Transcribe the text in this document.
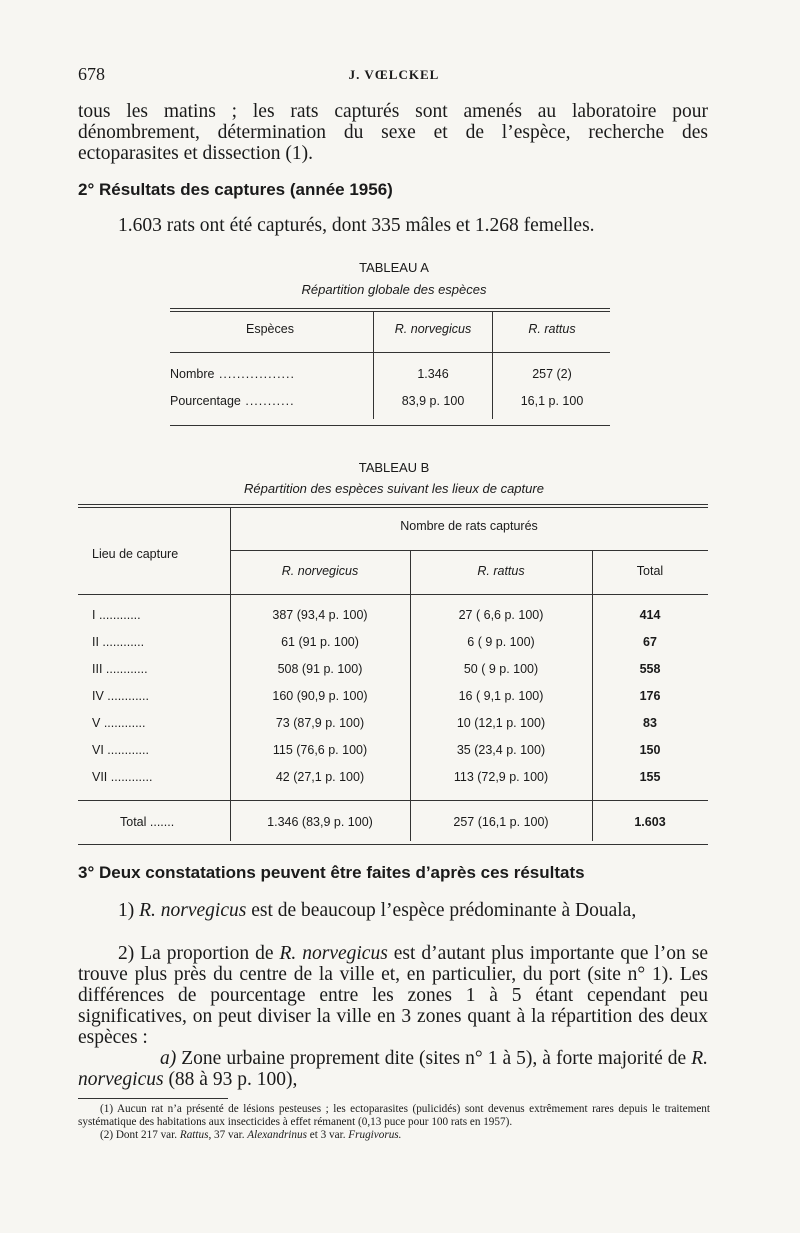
678	J. VŒLCKEL

tous les matins ; les rats capturés sont amenés au laboratoire pour dénombrement, détermination du sexe et de l’espèce, recherche des ectoparasites et dissection (1).

2° Résultats des captures (année 1956)
1.603 rats ont été capturés, dont 335 mâles et 1.268 femelles.
TABLEAU A
Répartition globale des espèces
Espèces	R. norvegicus	R. rattus
Nombre .....	1.346	257 (2)
Pourcentage .....	83,9 p. 100	16,1 p. 100
TABLEAU B
Répartition des espèces suivant les lieux de capture
Lieu de capture
Nombre de rats capturés
R. norvegicus	R. rattus	Total
I ............	387 (93,4 p. 100)	27 ( 6,6 p. 100)	414
II ............	61 (91 p. 100)	6 ( 9 p. 100)	67
III ............	508 (91 p. 100)	50 ( 9 p. 100)	558
IV ............	160 (90,9 p. 100)	16 ( 9,1 p. 100)	176
V ............	73 (87,9 p. 100)	10 (12,1 p. 100)	83
VI ............	115 (76,6 p. 100)	35 (23,4 p. 100)	150
VII ............	42 (27,1 p. 100)	113 (72,9 p. 100)	155
Total .......	1.346 (83,9 p. 100)	257 (16,1 p. 100)	1.603
3° Deux constatations peuvent être faites d’après ces résultats

1) R. norvegicus est de beaucoup l’espèce prédominante à Douala,

2) La proportion de R. norvegicus est d’autant plus importante que l’on se trouve plus près du centre de la ville et, en particulier, du port (site n° 1). Les différences de pourcentage entre les zones 1 à 5 étant cependant peu significatives, on peut diviser la ville en 3 zones quant à la répartition des deux espèces :

a) Zone urbaine proprement dite (sites n° 1 à 5), à forte majorité de R. norvegicus (88 à 93 p. 100),

(1) Aucun rat n’a présenté de lésions pesteuses ; les ectoparasites (pulicidés) sont devenus extrêmement rares depuis le traitement systématique des habitations aux insecticides à effet rémanent (0,13 puce pour 100 rats en 1957).
(2) Dont 217 var. Rattus, 37 var. Alexandrinus et 3 var. Frugivorus.
